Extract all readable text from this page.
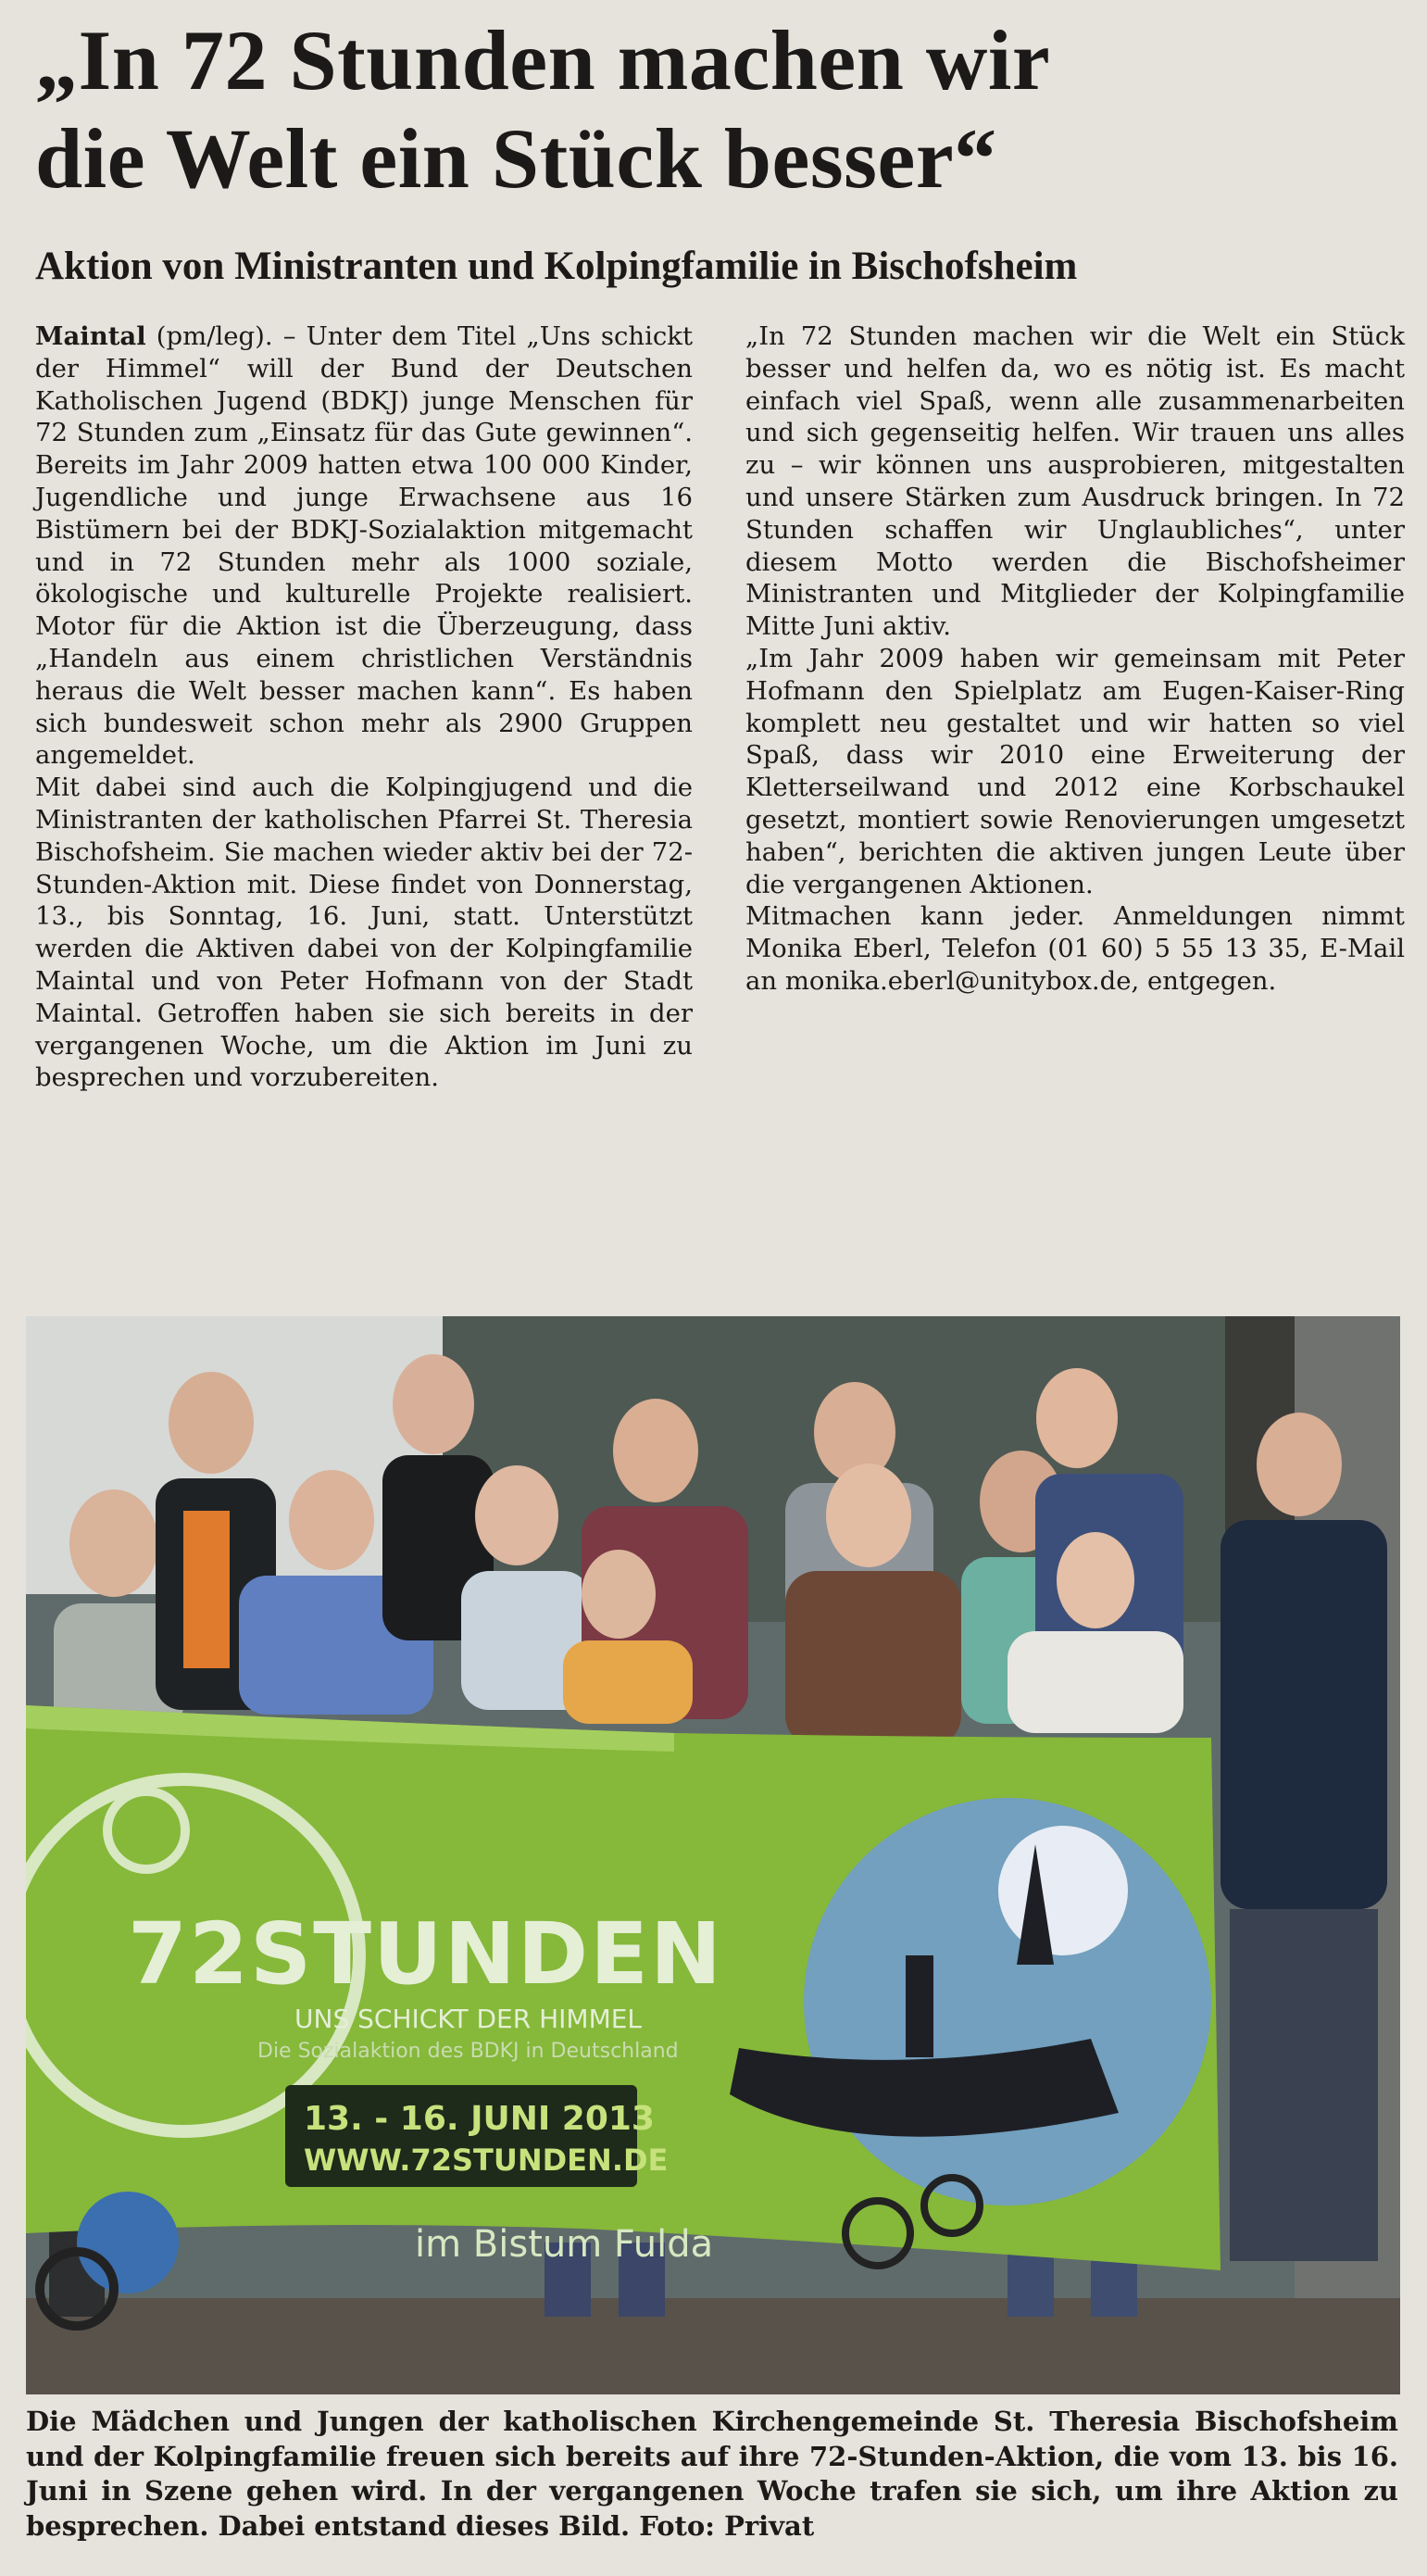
„In 72 Stunden machen wir
die Welt ein Stück besser“
Aktion von Ministranten und Kolpingfamilie in Bischofsheim

Maintal (pm/leg). – Unter dem Titel „Uns schickt der Himmel“ will der Bund der Deutschen Katholischen Jugend (BDKJ) junge Menschen für 72 Stunden zum „Einsatz für das Gute gewinnen“. Bereits im Jahr 2009 hatten etwa 100 000 Kinder, Jugendliche und junge Erwachsene aus 16 Bistümern bei der BDKJ-Sozialaktion mitgemacht und in 72 Stunden mehr als 1000 soziale, ökologische und kulturelle Projekte realisiert. Motor für die Aktion ist die Überzeugung, dass „Handeln aus einem christlichen Verständnis heraus die Welt besser machen kann“. Es haben sich bundesweit schon mehr als 2900 Gruppen angemeldet.

Mit dabei sind auch die Kolpingjugend und die Ministranten der katholischen Pfarrei St. Theresia Bischofsheim. Sie machen wieder aktiv bei der 72-Stunden-Aktion mit. Diese findet von Donnerstag, 13., bis Sonntag, 16. Juni, statt. Unterstützt werden die Aktiven dabei von der Kolpingfamilie Maintal und von Peter Hofmann von der Stadt Maintal. Getroffen haben sie sich bereits in der vergangenen Woche, um die Aktion im Juni zu besprechen und vorzubereiten.

„In 72 Stunden machen wir die Welt ein Stück besser und helfen da, wo es nötig ist. Es macht einfach viel Spaß, wenn alle zusammenarbeiten und sich gegenseitig helfen. Wir trauen uns alles zu – wir können uns ausprobieren, mitgestalten und unsere Stärken zum Ausdruck bringen. In 72 Stunden schaffen wir Unglaubliches“, unter diesem Motto werden die Bischofsheimer Ministranten und Mitglieder der Kolpingfamilie Mitte Juni aktiv.

„Im Jahr 2009 haben wir gemeinsam mit Peter Hofmann den Spielplatz am Eugen-Kaiser-Ring komplett neu gestaltet und wir hatten so viel Spaß, dass wir 2010 eine Erweiterung der Kletterseilwand und 2012 eine Korbschaukel gesetzt, montiert sowie Renovierungen umgesetzt haben“, berichten die aktiven jungen Leute über die vergangenen Aktionen.

Mitmachen kann jeder. Anmeldungen nimmt Monika Eberl, Telefon (01 60) 5 55 13 35, E-Mail an monika.eberl@unitybox.de, entgegen.

72STUNDEN
UNS SCHICKT DER HIMMEL
Die Sozialaktion des BDKJ in Deutschland
13. - 16. JUNI 2013
WWW.72STUNDEN.DE
im Bistum Fulda

Die Mädchen und Jungen der katholischen Kirchengemeinde St. Theresia Bischofsheim und der Kolpingfamilie freuen sich bereits auf ihre 72-Stunden-Aktion, die vom 13. bis 16. Juni in Szene gehen wird. In der vergangenen Woche trafen sie sich, um ihre Aktion zu besprechen. Dabei entstand dieses Bild. Foto: Privat
